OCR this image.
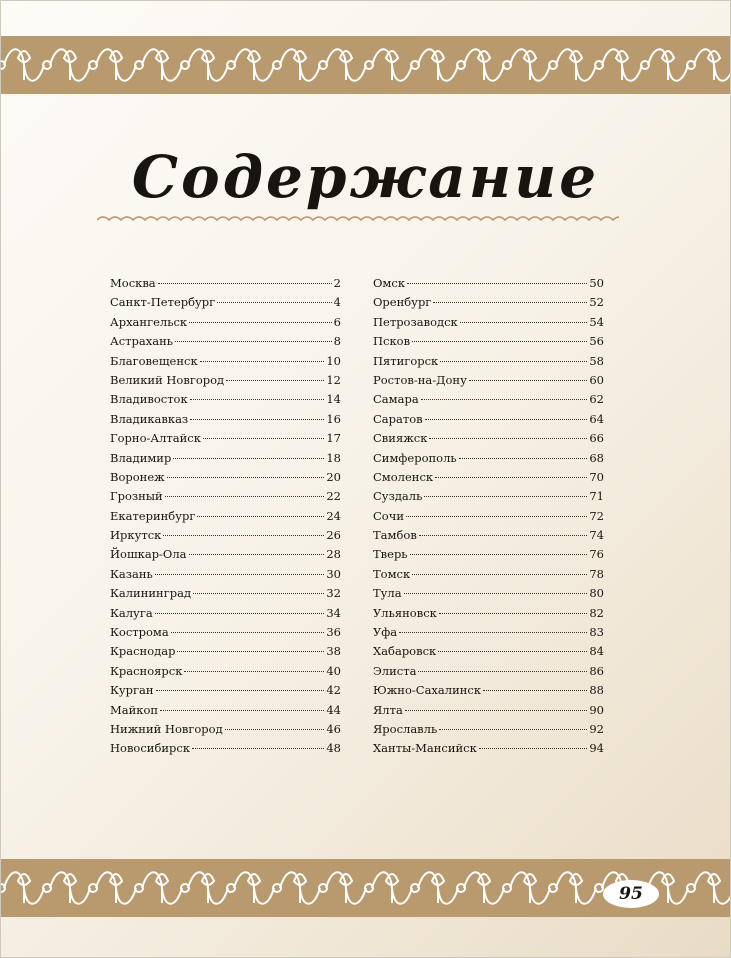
Содержание
Москва	2
Санкт-Петербург	4
Архангельск	6
Астрахань	8
Благовещенск	10
Великий Новгород	12
Владивосток	14
Владикавказ	16
Горно-Алтайск	17
Владимир	18
Воронеж	20
Грозный	22
Екатеринбург	24
Иркутск	26
Йошкар-Ола	28
Казань	30
Калининград	32
Калуга	34
Кострома	36
Краснодар	38
Красноярск	40
Курган	42
Майкоп	44
Нижний Новгород	46
Новосибирск	48
Омск	50
Оренбург	52
Петрозаводск	54
Псков	56
Пятигорск	58
Ростов-на-Дону	60
Самара	62
Саратов	64
Свияжск	66
Симферополь	68
Смоленск	70
Суздаль	71
Сочи	72
Тамбов	74
Тверь	76
Томск	78
Тула	80
Ульяновск	82
Уфа	83
Хабаровск	84
Элиста	86
Южно-Сахалинск	88
Ялта	90
Ярославль	92
Ханты-Мансийск	94
95
